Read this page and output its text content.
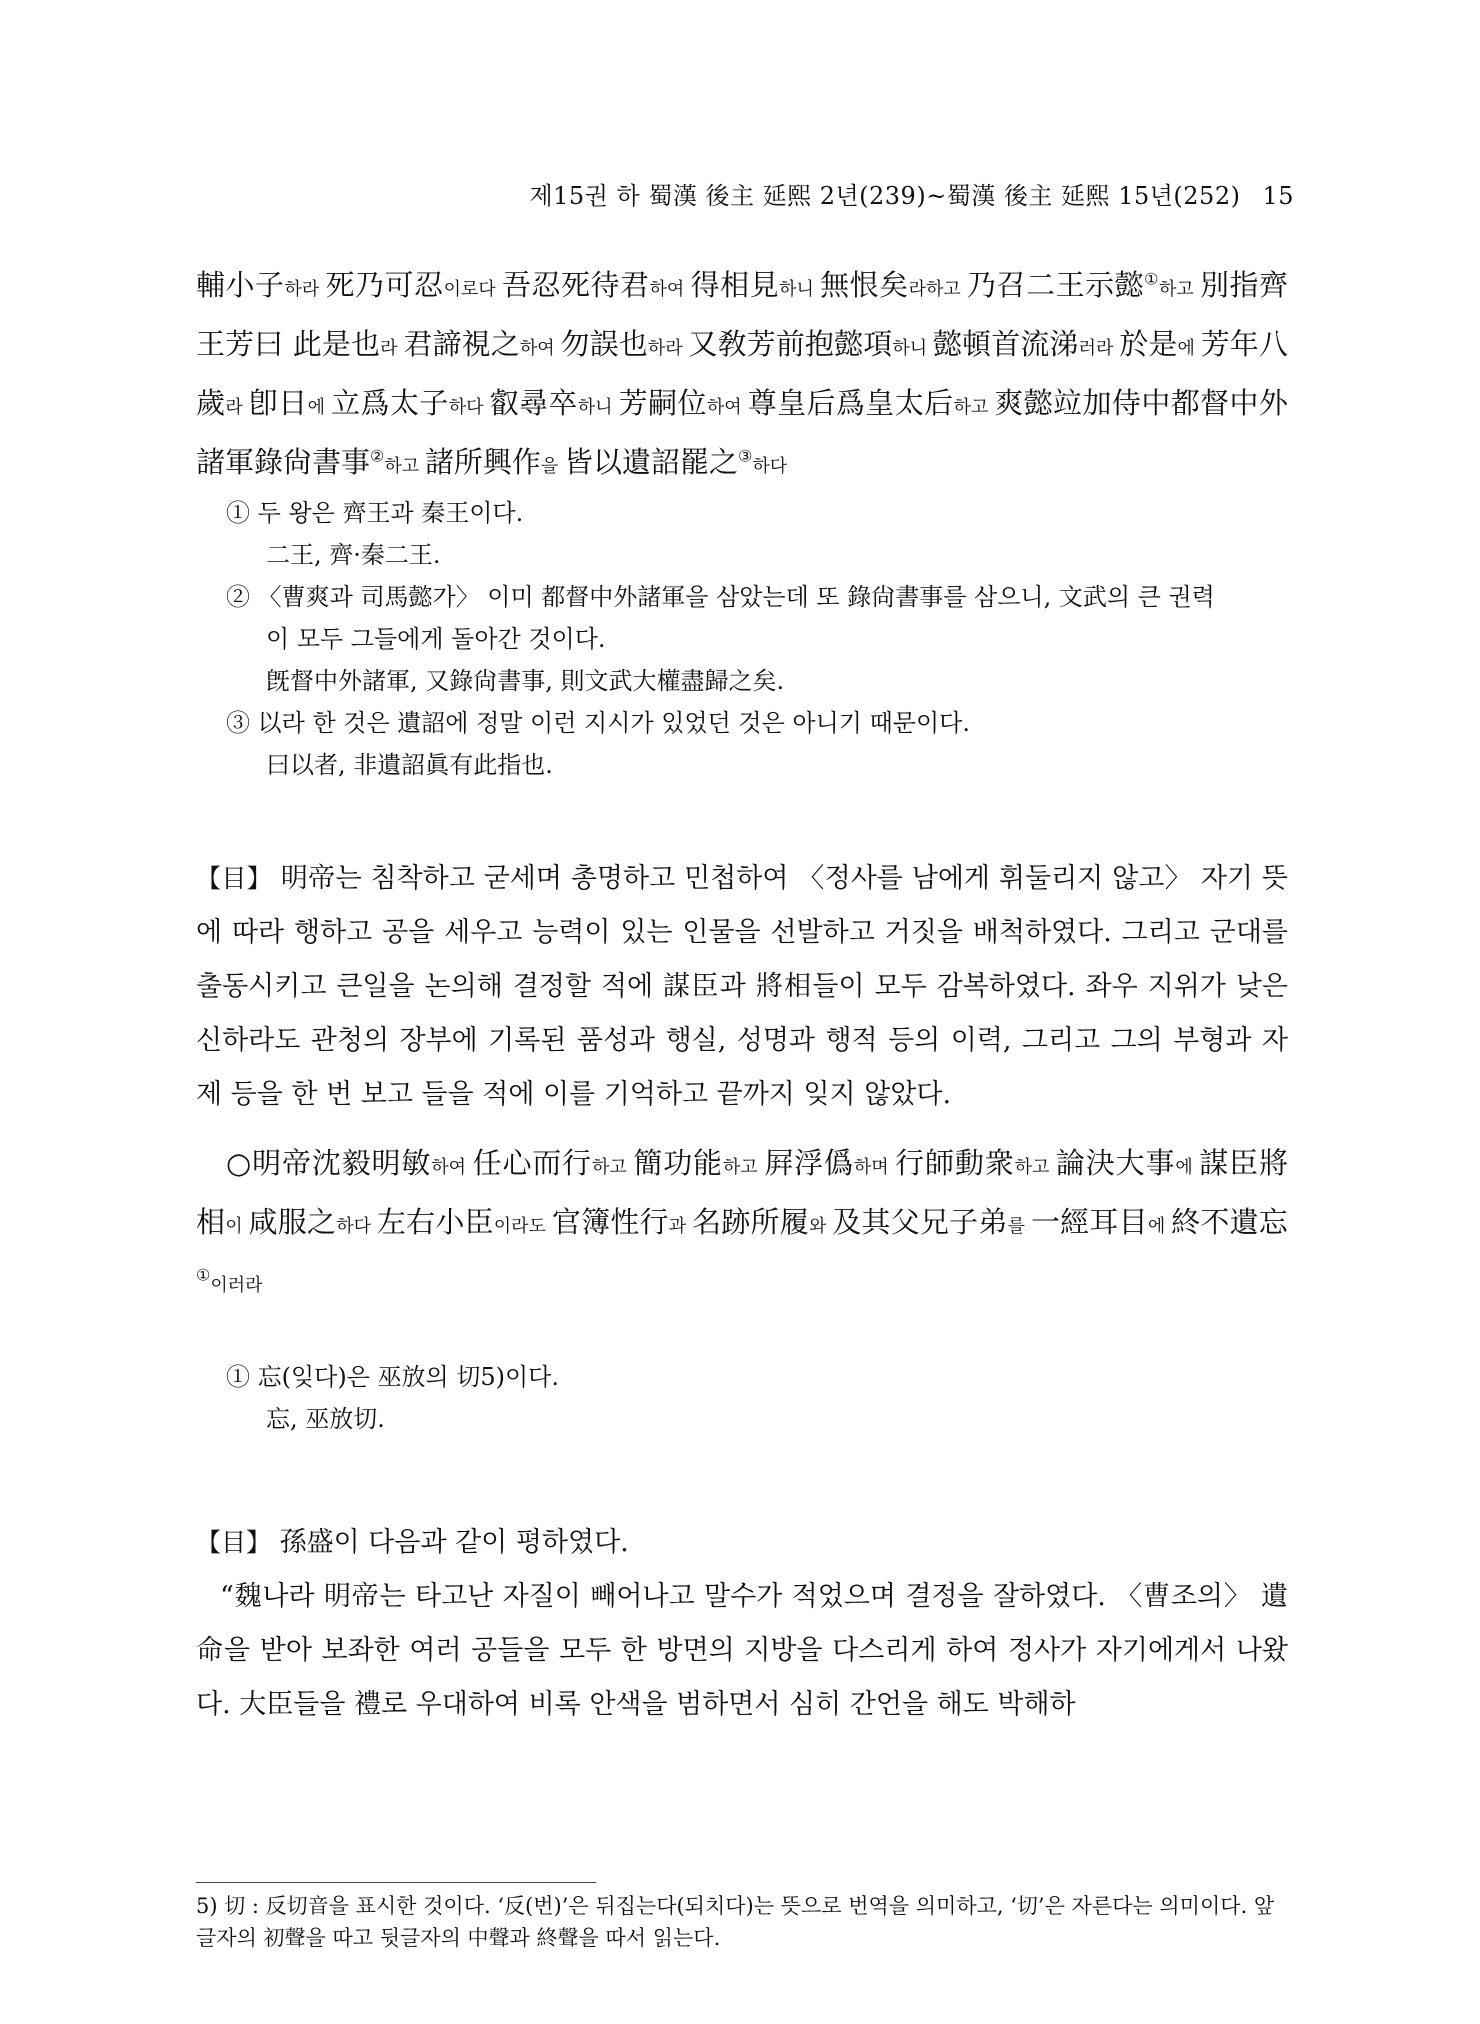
제15권 하 蜀漢 後主 延熙 2년(239)~蜀漢 後主 延熙 15년(252) 15

輔小子하라 死乃可忍이로다 吾忍死待君하여 得相見하니 無恨矣라하고 乃召二王示懿①하고 別指齊王芳曰 此是也라 君諦視之하여 勿誤也하라 又敎芳前抱懿項하니 懿頓首流涕러라 於是에 芳年八歲라 卽日에 立爲太子하다 叡尋卒하니 芳嗣位하여 尊皇后爲皇太后하고 爽懿竝加侍中都督中外諸軍錄尙書事②하고 諸所興作을 皆以遺詔罷之③하다

① 두 왕은 齊王과 秦王이다.

二王, 齊·秦二王.

② 〈曹爽과 司馬懿가〉 이미 都督中外諸軍을 삼았는데 또 錄尙書事를 삼으니, 文武의 큰 권력

이 모두 그들에게 돌아간 것이다.

旣督中外諸軍, 又錄尙書事, 則文武大權盡歸之矣.

③ 以라 한 것은 遺詔에 정말 이런 지시가 있었던 것은 아니기 때문이다.

曰以者, 非遺詔眞有此指也.

【目】 明帝는 침착하고 굳세며 총명하고 민첩하여 〈정사를 남에게 휘둘리지 않고〉 자기 뜻에 따라 행하고 공을 세우고 능력이 있는 인물을 선발하고 거짓을 배척하였다. 그리고 군대를 출동시키고 큰일을 논의해 결정할 적에 謀臣과 將相들이 모두 감복하였다. 좌우 지위가 낮은 신하라도 관청의 장부에 기록된 품성과 행실, 성명과 행적 등의 이력, 그리고 그의 부형과 자제 등을 한 번 보고 들을 적에 이를 기억하고 끝까지 잊지 않았다.

○明帝沈毅明敏하여 任心而行하고 簡功能하고 屛浮僞하며 行師動衆하고 論決大事에 謀臣將相이 咸服之하다 左右小臣이라도 官簿性行과 名跡所履와 及其父兄子弟를 一經耳目에 終不遺忘①이러라

① 忘(잊다)은 巫放의 切5)이다.

忘, 巫放切.

【目】 孫盛이 다음과 같이 평하였다.

“魏나라 明帝는 타고난 자질이 빼어나고 말수가 적었으며 결정을 잘하였다. 〈曹조의〉 遺命을 받아 보좌한 여러 공들을 모두 한 방면의 지방을 다스리게 하여 정사가 자기에게서 나왔다. 大臣들을 禮로 우대하여 비록 안색을 범하면서 심히 간언을 해도 박해하

5) 切 : 反切音을 표시한 것이다. ‘反(번)’은 뒤집는다(되치다)는 뜻으로 번역을 의미하고, ‘切’은 자른다는 의미이다. 앞 글자의 初聲을 따고 뒷글자의 中聲과 終聲을 따서 읽는다.
